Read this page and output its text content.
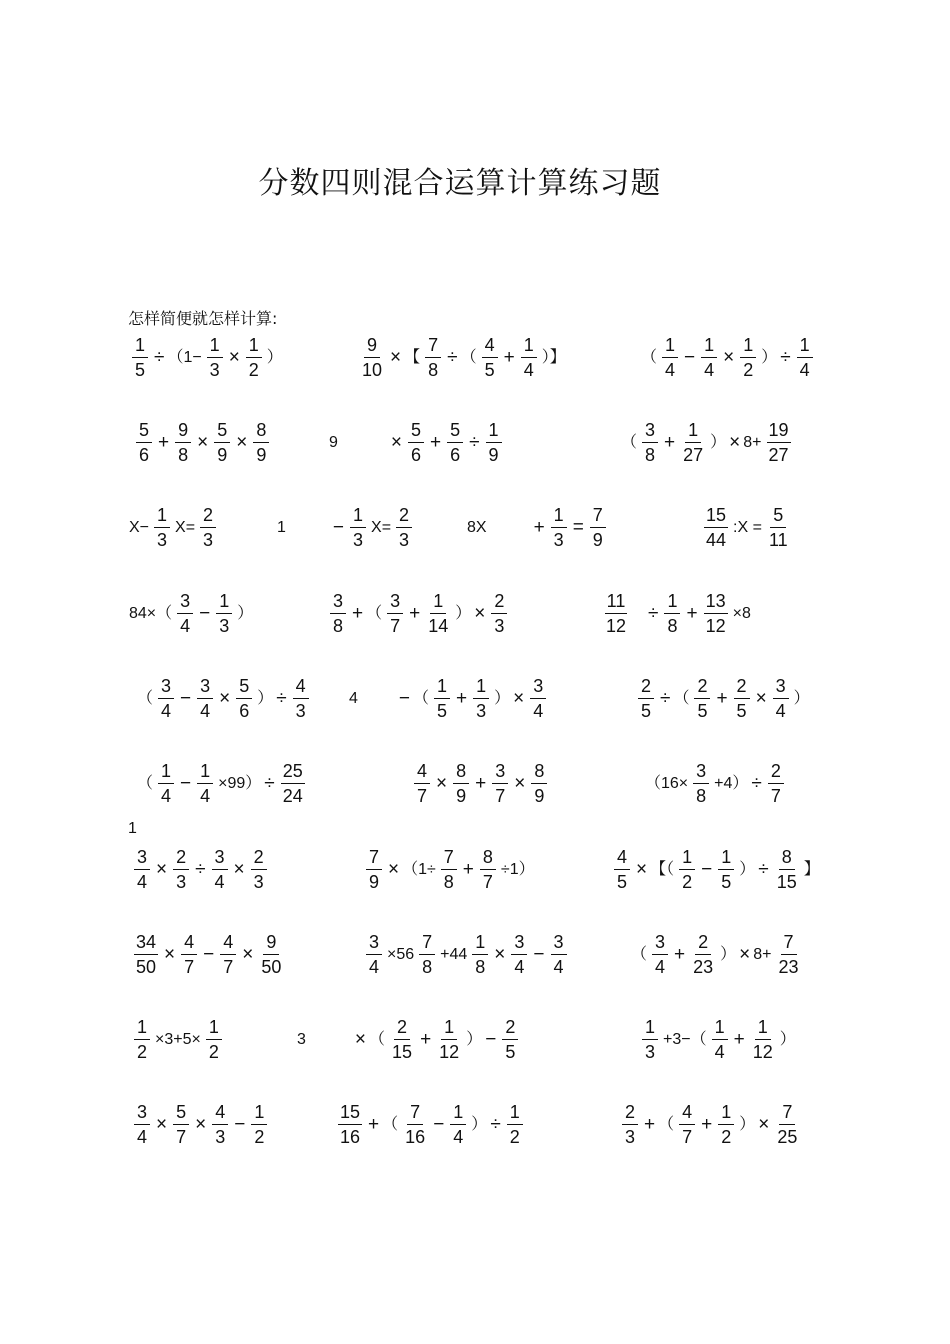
分数四则混合运算计算练习题
怎样简便就怎样计算:
1
$\frac{1}{5} \div (1- \frac{1}{3} \times \frac{1}{2}$ ）	$\frac{9}{10}$ × 【 $\frac{7}{8}$ ÷ （ $\frac{4}{5} + \frac{1}{4}$ ）】	（ $\frac{1}{4} - \frac{1}{4} \times \frac{1}{2}$ ） ÷ $\frac{1}{4}$
$\frac{5}{6} + \frac{9}{8} \times \frac{5}{9} \times \frac{8}{9}$	9	× $\frac{5}{6} + \frac{5}{6} \div \frac{1}{9}$	（ $\frac{3}{8} + \frac{1}{27}$ ） × $8+ \frac{19}{27}$
$X- \frac{1}{3} X= \frac{2}{3}$	$1 - \frac{1}{3} X= \frac{2}{3}$	$8X + \frac{1}{3} = \frac{7}{9}$	$\frac{15}{44}$ :X = $\frac{5}{11}$
$84\times( \frac{3}{4} - \frac{1}{3}$ ）	$\frac{3}{8}$ + （ $\frac{3}{7} + \frac{1}{14}$ ） × $\frac{2}{3}$	$\frac{11}{12} \div \frac{1}{8} + \frac{13}{12} \times 8$
（ $\frac{3}{4} - \frac{3}{4} \times \frac{5}{6}$ ） ÷ $\frac{4}{3}$	4 − （ $\frac{1}{5} + \frac{1}{3}$ ） × $\frac{3}{4}$	$\frac{2}{5}$ ÷ （ $\frac{2}{5} + \frac{2}{5} \times \frac{3}{4}$ ）
（ $\frac{1}{4} - \frac{1}{4} \times 99) \div \frac{25}{24}$	$\frac{4}{7} \times \frac{8}{9} + \frac{3}{7} \times \frac{8}{9}$	$(16\times \frac{3}{8} +4) \div \frac{2}{7}$
$\frac{3}{4} \times \frac{2}{3} \div \frac{3}{4} \times \frac{2}{3}$	$\frac{7}{9} \times (1\div \frac{7}{8} + \frac{8}{7} \div 1)$	$\frac{4}{5}$ × 【（ $\frac{1}{2} - \frac{1}{5}$ ） ÷ $\frac{8}{15}$ 】
$\frac{34}{50} \times \frac{4}{7} - \frac{4}{7} \times \frac{9}{50}$	$\frac{3}{4} \times 56 \frac{7}{8} +44 \frac{1}{8} \times \frac{3}{4} - \frac{3}{4}$	（ $\frac{3}{4} + \frac{2}{23}$ ） × $8+ \frac{7}{23}$
$\frac{1}{2} \times 3+5\times \frac{1}{2}$	3	× （ $\frac{2}{15} + \frac{1}{12}$ ） − $\frac{2}{5}$	$\frac{1}{3} +3-( \frac{1}{4} + \frac{1}{12}$ ）
$\frac{3}{4} \times \frac{5}{7} \times \frac{4}{3} - \frac{1}{2}$	$\frac{15}{16}$ + （ $\frac{7}{16} - \frac{1}{4}$ ） ÷ $\frac{1}{2}$	$\frac{2}{3}$ + （ $\frac{4}{7} + \frac{1}{2}$ ） × $\frac{7}{25}$
